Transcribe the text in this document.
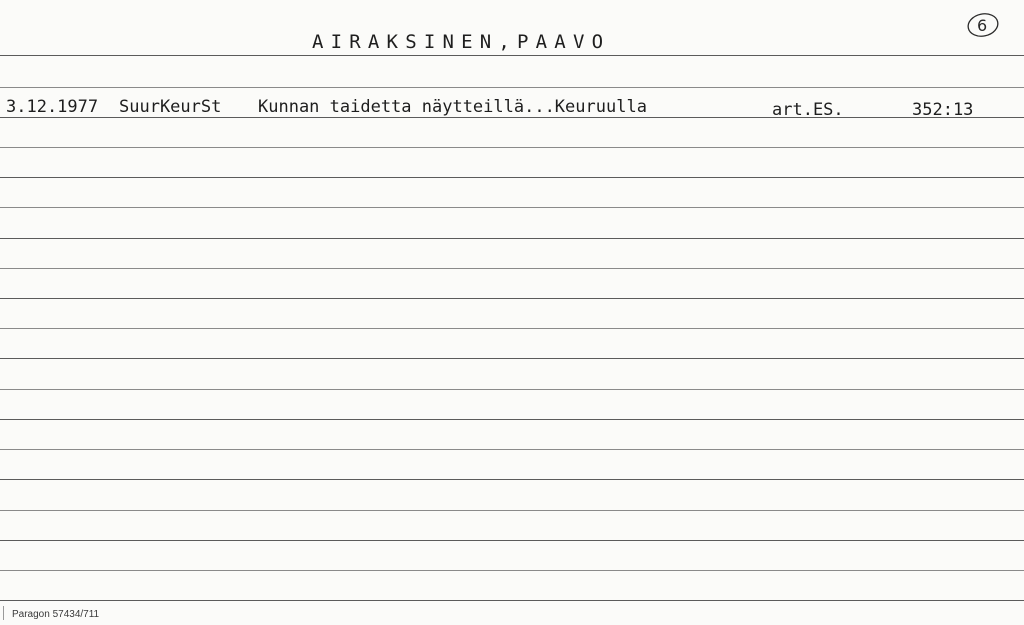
AIRAKSINEN,PAAVO
6
3.12.1977 SuurKeurSt Kunnan taidetta näytteillä...Keuruulla	art.ES.	352:13
Paragon 57434/711
